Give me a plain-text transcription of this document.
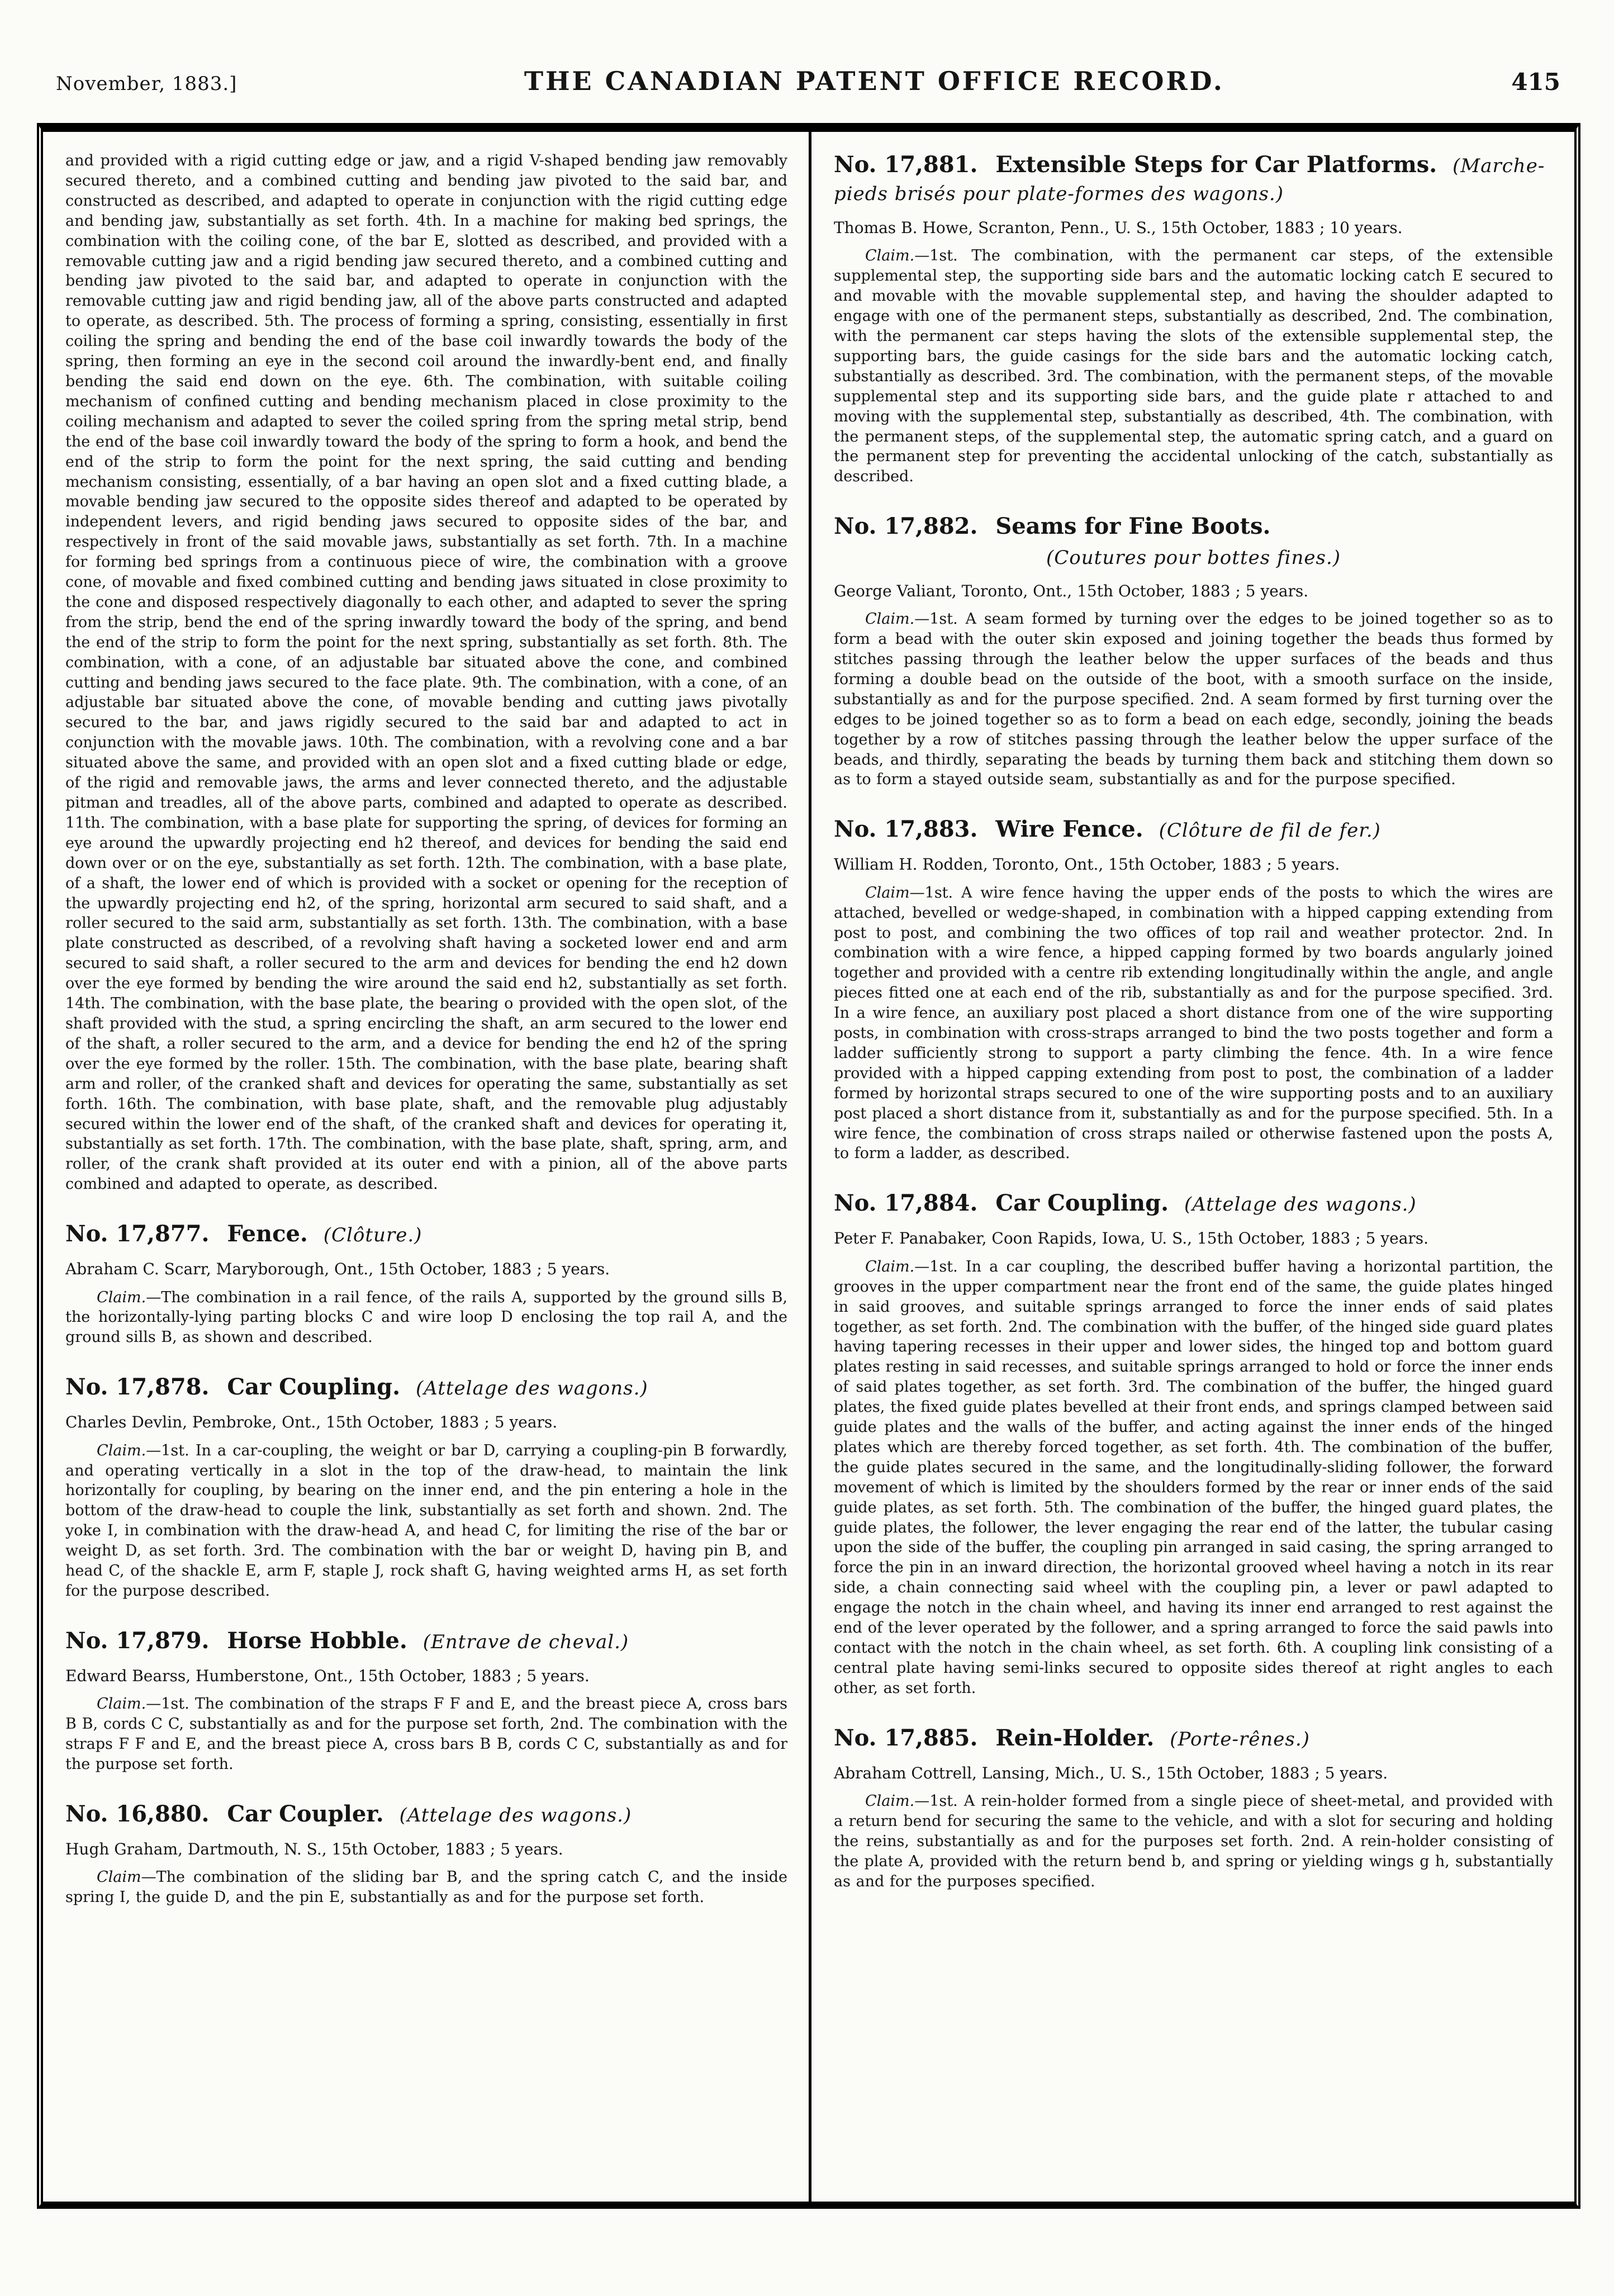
November, 1883.]	THE CANADIAN PATENT OFFICE RECORD.	415

and provided with a rigid cutting edge or jaw, and a rigid V-shaped bending jaw removably secured thereto, and a combined cutting and bending jaw pivoted to the said bar, and constructed as described, and adapted to operate in conjunction with the rigid cutting edge and bending jaw, substantially as set forth. 4th. In a machine for making bed springs, the combination with the coiling cone, of the bar E, slotted as described, and provided with a removable cutting jaw and a rigid bending jaw secured thereto, and a combined cutting and bending jaw pivoted to the said bar, and adapted to operate in conjunction with the removable cutting jaw and rigid bending jaw, all of the above parts constructed and adapted to operate, as described. 5th. The process of forming a spring, consisting, essentially in first coiling the spring and bending the end of the base coil inwardly towards the body of the spring, then forming an eye in the second coil around the inwardly-bent end, and finally bending the said end down on the eye. 6th. The combination, with suitable coiling mechanism of confined cutting and bending mechanism placed in close proximity to the coiling mechanism and adapted to sever the coiled spring from the spring metal strip, bend the end of the base coil inwardly toward the body of the spring to form a hook, and bend the end of the strip to form the point for the next spring, the said cutting and bending mechanism consisting, essentially, of a bar having an open slot and a fixed cutting blade, a movable bending jaw secured to the opposite sides thereof and adapted to be operated by independent levers, and rigid bending jaws secured to opposite sides of the bar, and respectively in front of the said movable jaws, substantially as set forth. 7th. In a machine for forming bed springs from a continuous piece of wire, the combination with a groove cone, of movable and fixed combined cutting and bending jaws situated in close proximity to the cone and disposed respectively diagonally to each other, and adapted to sever the spring from the strip, bend the end of the spring inwardly toward the body of the spring, and bend the end of the strip to form the point for the next spring, substantially as set forth. 8th. The combination, with a cone, of an adjustable bar situated above the cone, and combined cutting and bending jaws secured to the face plate. 9th. The combination, with a cone, of an adjustable bar situated above the cone, of movable bending and cutting jaws pivotally secured to the bar, and jaws rigidly secured to the said bar and adapted to act in conjunction with the movable jaws. 10th. The combination, with a revolving cone and a bar situated above the same, and provided with an open slot and a fixed cutting blade or edge, of the rigid and removable jaws, the arms and lever connected thereto, and the adjustable pitman and treadles, all of the above parts, combined and adapted to operate as described. 11th. The combination, with a base plate for supporting the spring, of devices for forming an eye around the upwardly projecting end h2 thereof, and devices for bending the said end down over or on the eye, substantially as set forth. 12th. The combination, with a base plate, of a shaft, the lower end of which is provided with a socket or opening for the reception of the upwardly projecting end h2, of the spring, horizontal arm secured to said shaft, and a roller secured to the said arm, substantially as set forth. 13th. The combination, with a base plate constructed as described, of a revolving shaft having a socketed lower end and arm secured to said shaft, a roller secured to the arm and devices for bending the end h2 down over the eye formed by bending the wire around the said end h2, substantially as set forth. 14th. The combination, with the base plate, the bearing o provided with the open slot, of the shaft provided with the stud, a spring encircling the shaft, an arm secured to the lower end of the shaft, a roller secured to the arm, and a device for bending the end h2 of the spring over the eye formed by the roller. 15th. The combination, with the base plate, bearing shaft arm and roller, of the cranked shaft and devices for operating the same, substantially as set forth. 16th. The combination, with base plate, shaft, and the removable plug adjustably secured within the lower end of the shaft, of the cranked shaft and devices for operating it, substantially as set forth. 17th. The combination, with the base plate, shaft, spring, arm, and roller, of the crank shaft provided at its outer end with a pinion, all of the above parts combined and adapted to operate, as described.

No. 17,877. Fence. (Clôture.)

Abraham C. Scarr, Maryborough, Ont., 15th October, 1883 ; 5 years.

Claim.—The combination in a rail fence, of the rails A, supported by the ground sills B, the horizontally-lying parting blocks C and wire loop D enclosing the top rail A, and the ground sills B, as shown and described.

No. 17,878. Car Coupling. (Attelage des wagons.)

Charles Devlin, Pembroke, Ont., 15th October, 1883 ; 5 years.

Claim.—1st. In a car-coupling, the weight or bar D, carrying a coupling-pin B forwardly, and operating vertically in a slot in the top of the draw-head, to maintain the link horizontally for coupling, by bearing on the inner end, and the pin entering a hole in the bottom of the draw-head to couple the link, substantially as set forth and shown. 2nd. The yoke I, in combination with the draw-head A, and head C, for limiting the rise of the bar or weight D, as set forth. 3rd. The combination with the bar or weight D, having pin B, and head C, of the shackle E, arm F, staple J, rock shaft G, having weighted arms H, as set forth for the purpose described.

No. 17,879. Horse Hobble. (Entrave de cheval.)

Edward Bearss, Humberstone, Ont., 15th October, 1883 ; 5 years.

Claim.—1st. The combination of the straps F F and E, and the breast piece A, cross bars B B, cords C C, substantially as and for the purpose set forth, 2nd. The combination with the straps F F and E, and the breast piece A, cross bars B B, cords C C, substantially as and for the purpose set forth.

No. 16,880. Car Coupler. (Attelage des wagons.)

Hugh Graham, Dartmouth, N. S., 15th October, 1883 ; 5 years.

Claim—The combination of the sliding bar B, and the spring catch C, and the inside spring I, the guide D, and the pin E, substantially as and for the purpose set forth.

No. 17,881. Extensible Steps for Car Platforms. (Marche-pieds brisés pour plate-formes des wagons.)

Thomas B. Howe, Scranton, Penn., U. S., 15th October, 1883 ; 10 years.

Claim.—1st. The combination, with the permanent car steps, of the extensible supplemental step, the supporting side bars and the automatic locking catch E secured to and movable with the movable supplemental step, and having the shoulder adapted to engage with one of the permanent steps, substantially as described, 2nd. The combination, with the permanent car steps having the slots of the extensible supplemental step, the supporting bars, the guide casings for the side bars and the automatic locking catch, substantially as described. 3rd. The combination, with the permanent steps, of the movable supplemental step and its supporting side bars, and the guide plate r attached to and moving with the supplemental step, substantially as described, 4th. The combination, with the permanent steps, of the supplemental step, the automatic spring catch, and a guard on the permanent step for preventing the accidental unlocking of the catch, substantially as described.

No. 17,882. Seams for Fine Boots.
(Coutures pour bottes fines.)

George Valiant, Toronto, Ont., 15th October, 1883 ; 5 years.

Claim.—1st. A seam formed by turning over the edges to be joined together so as to form a bead with the outer skin exposed and joining together the beads thus formed by stitches passing through the leather below the upper surfaces of the beads and thus forming a double bead on the outside of the boot, with a smooth surface on the inside, substantially as and for the purpose specified. 2nd. A seam formed by first turning over the edges to be joined together so as to form a bead on each edge, secondly, joining the beads together by a row of stitches passing through the leather below the upper surface of the beads, and thirdly, separating the beads by turning them back and stitching them down so as to form a stayed outside seam, substantially as and for the purpose specified.

No. 17,883. Wire Fence. (Clôture de fil de fer.)

William H. Rodden, Toronto, Ont., 15th October, 1883 ; 5 years.

Claim—1st. A wire fence having the upper ends of the posts to which the wires are attached, bevelled or wedge-shaped, in combination with a hipped capping extending from post to post, and combining the two offices of top rail and weather protector. 2nd. In combination with a wire fence, a hipped capping formed by two boards angularly joined together and provided with a centre rib extending longitudinally within the angle, and angle pieces fitted one at each end of the rib, substantially as and for the purpose specified. 3rd. In a wire fence, an auxiliary post placed a short distance from one of the wire supporting posts, in combination with cross-straps arranged to bind the two posts together and form a ladder sufficiently strong to support a party climbing the fence. 4th. In a wire fence provided with a hipped capping extending from post to post, the combination of a ladder formed by horizontal straps secured to one of the wire supporting posts and to an auxiliary post placed a short distance from it, substantially as and for the purpose specified. 5th. In a wire fence, the combination of cross straps nailed or otherwise fastened upon the posts A, to form a ladder, as described.

No. 17,884. Car Coupling. (Attelage des wagons.)

Peter F. Panabaker, Coon Rapids, Iowa, U. S., 15th October, 1883 ; 5 years.

Claim.—1st. In a car coupling, the described buffer having a horizontal partition, the grooves in the upper compartment near the front end of the same, the guide plates hinged in said grooves, and suitable springs arranged to force the inner ends of said plates together, as set forth. 2nd. The combination with the buffer, of the hinged side guard plates having tapering recesses in their upper and lower sides, the hinged top and bottom guard plates resting in said recesses, and suitable springs arranged to hold or force the inner ends of said plates together, as set forth. 3rd. The combination of the buffer, the hinged guard plates, the fixed guide plates bevelled at their front ends, and springs clamped between said guide plates and the walls of the buffer, and acting against the inner ends of the hinged plates which are thereby forced together, as set forth. 4th. The combination of the buffer, the guide plates secured in the same, and the longitudinally-sliding follower, the forward movement of which is limited by the shoulders formed by the rear or inner ends of the said guide plates, as set forth. 5th. The combination of the buffer, the hinged guard plates, the guide plates, the follower, the lever engaging the rear end of the latter, the tubular casing upon the side of the buffer, the coupling pin arranged in said casing, the spring arranged to force the pin in an inward direction, the horizontal grooved wheel having a notch in its rear side, a chain connecting said wheel with the coupling pin, a lever or pawl adapted to engage the notch in the chain wheel, and having its inner end arranged to rest against the end of the lever operated by the follower, and a spring arranged to force the said pawls into contact with the notch in the chain wheel, as set forth. 6th. A coupling link consisting of a central plate having semi-links secured to opposite sides thereof at right angles to each other, as set forth.

No. 17,885. Rein-Holder. (Porte-rênes.)

Abraham Cottrell, Lansing, Mich., U. S., 15th October, 1883 ; 5 years.

Claim.—1st. A rein-holder formed from a single piece of sheet-metal, and provided with a return bend for securing the same to the vehicle, and with a slot for securing and holding the reins, substantially as and for the purposes set forth. 2nd. A rein-holder consisting of the plate A, provided with the return bend b, and spring or yielding wings g h, substantially as and for the purposes specified.
